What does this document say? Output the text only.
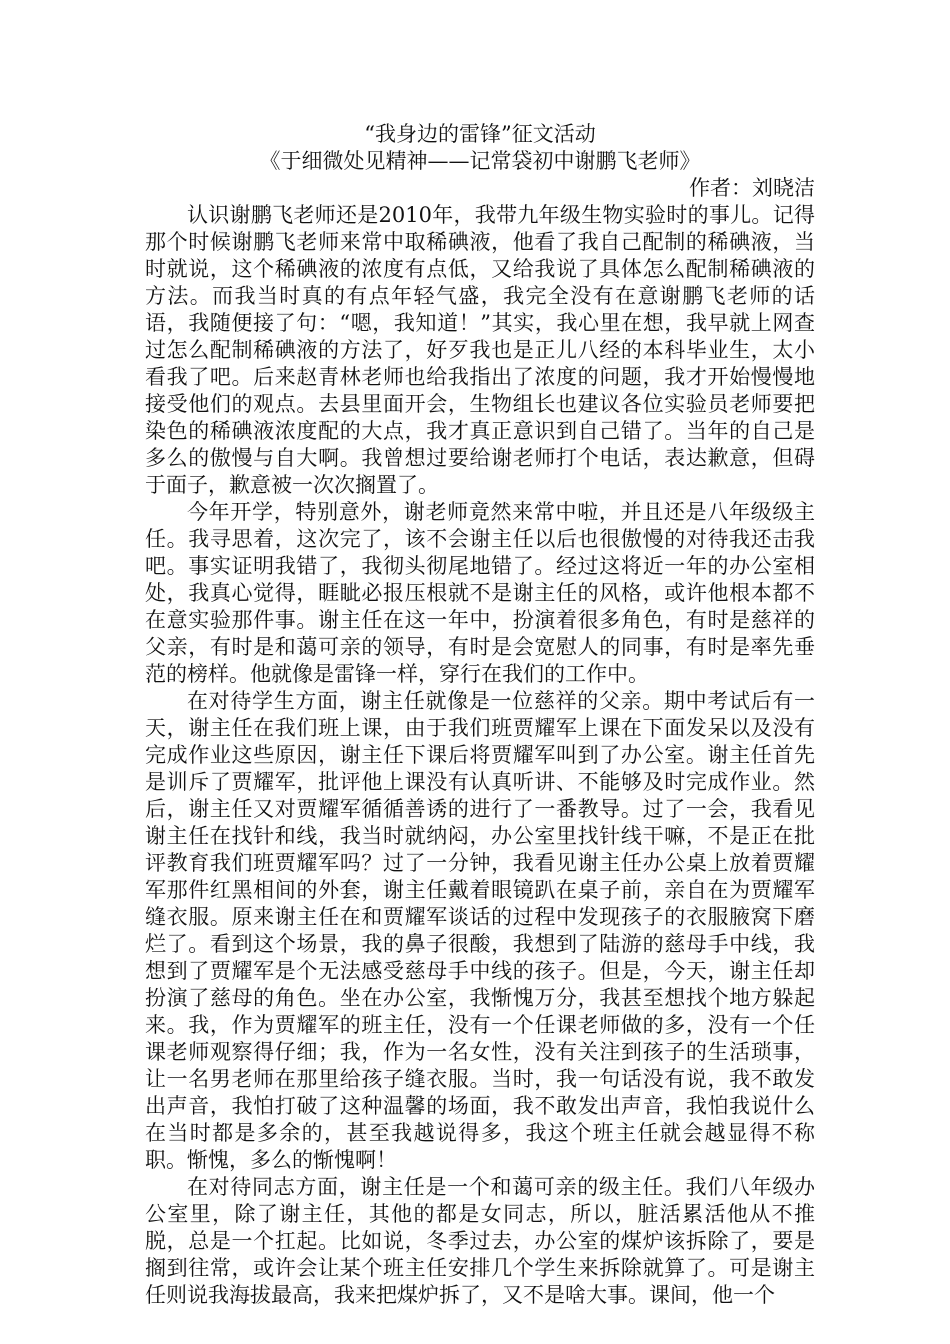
“我身边的雷锋”征文活动

《于细微处见精神——记常袋初中谢鹏飞老师》

作者：刘晓洁

认识谢鹏飞老师还是2010年，我带九年级生物实验时的事儿。记得那个时候谢鹏飞老师来常中取稀碘液，他看了我自己配制的稀碘液，当时就说，这个稀碘液的浓度有点低，又给我说了具体怎么配制稀碘液的方法。而我当时真的有点年轻气盛，我完全没有在意谢鹏飞老师的话语，我随便接了句：“嗯，我知道！”其实，我心里在想，我早就上网查过怎么配制稀碘液的方法了，好歹我也是正儿八经的本科毕业生，太小看我了吧。后来赵青林老师也给我指出了浓度的问题，我才开始慢慢地接受他们的观点。去县里面开会，生物组长也建议各位实验员老师要把染色的稀碘液浓度配的大点，我才真正意识到自己错了。当年的自己是多么的傲慢与自大啊。我曾想过要给谢老师打个电话，表达歉意，但碍于面子，歉意被一次次搁置了。

今年开学，特别意外，谢老师竟然来常中啦，并且还是八年级级主任。我寻思着，这次完了，该不会谢主任以后也很傲慢的对待我还击我吧。事实证明我错了，我彻头彻尾地错了。经过这将近一年的办公室相处，我真心觉得，睚眦必报压根就不是谢主任的风格，或许他根本都不在意实验那件事。谢主任在这一年中，扮演着很多角色，有时是慈祥的父亲，有时是和蔼可亲的领导，有时是会宽慰人的同事，有时是率先垂范的榜样。他就像是雷锋一样，穿行在我们的工作中。

在对待学生方面，谢主任就像是一位慈祥的父亲。期中考试后有一天，谢主任在我们班上课，由于我们班贾耀军上课在下面发呆以及没有完成作业这些原因，谢主任下课后将贾耀军叫到了办公室。谢主任首先是训斥了贾耀军，批评他上课没有认真听讲、不能够及时完成作业。然后，谢主任又对贾耀军循循善诱的进行了一番教导。过了一会，我看见谢主任在找针和线，我当时就纳闷，办公室里找针线干嘛，不是正在批评教育我们班贾耀军吗？过了一分钟，我看见谢主任办公桌上放着贾耀军那件红黑相间的外套，谢主任戴着眼镜趴在桌子前，亲自在为贾耀军缝衣服。原来谢主任在和贾耀军谈话的过程中发现孩子的衣服腋窝下磨烂了。看到这个场景，我的鼻子很酸，我想到了陆游的慈母手中线，我想到了贾耀军是个无法感受慈母手中线的孩子。但是，今天，谢主任却扮演了慈母的角色。坐在办公室，我惭愧万分，我甚至想找个地方躲起来。我，作为贾耀军的班主任，没有一个任课老师做的多，没有一个任课老师观察得仔细；我，作为一名女性，没有关注到孩子的生活琐事，让一名男老师在那里给孩子缝衣服。当时，我一句话没有说，我不敢发出声音，我怕打破了这种温馨的场面，我不敢发出声音，我怕我说什么在当时都是多余的，甚至我越说得多，我这个班主任就会越显得不称职。惭愧，多么的惭愧啊！

在对待同志方面，谢主任是一个和蔼可亲的级主任。我们八年级办公室里，除了谢主任，其他的都是女同志，所以，脏活累活他从不推脱，总是一个扛起。比如说，冬季过去，办公室的煤炉该拆除了，要是搁到往常，或许会让某个班主任安排几个学生来拆除就算了。可是谢主任则说我海拔最高，我来把煤炉拆了，又不是啥大事。课间，他一个
